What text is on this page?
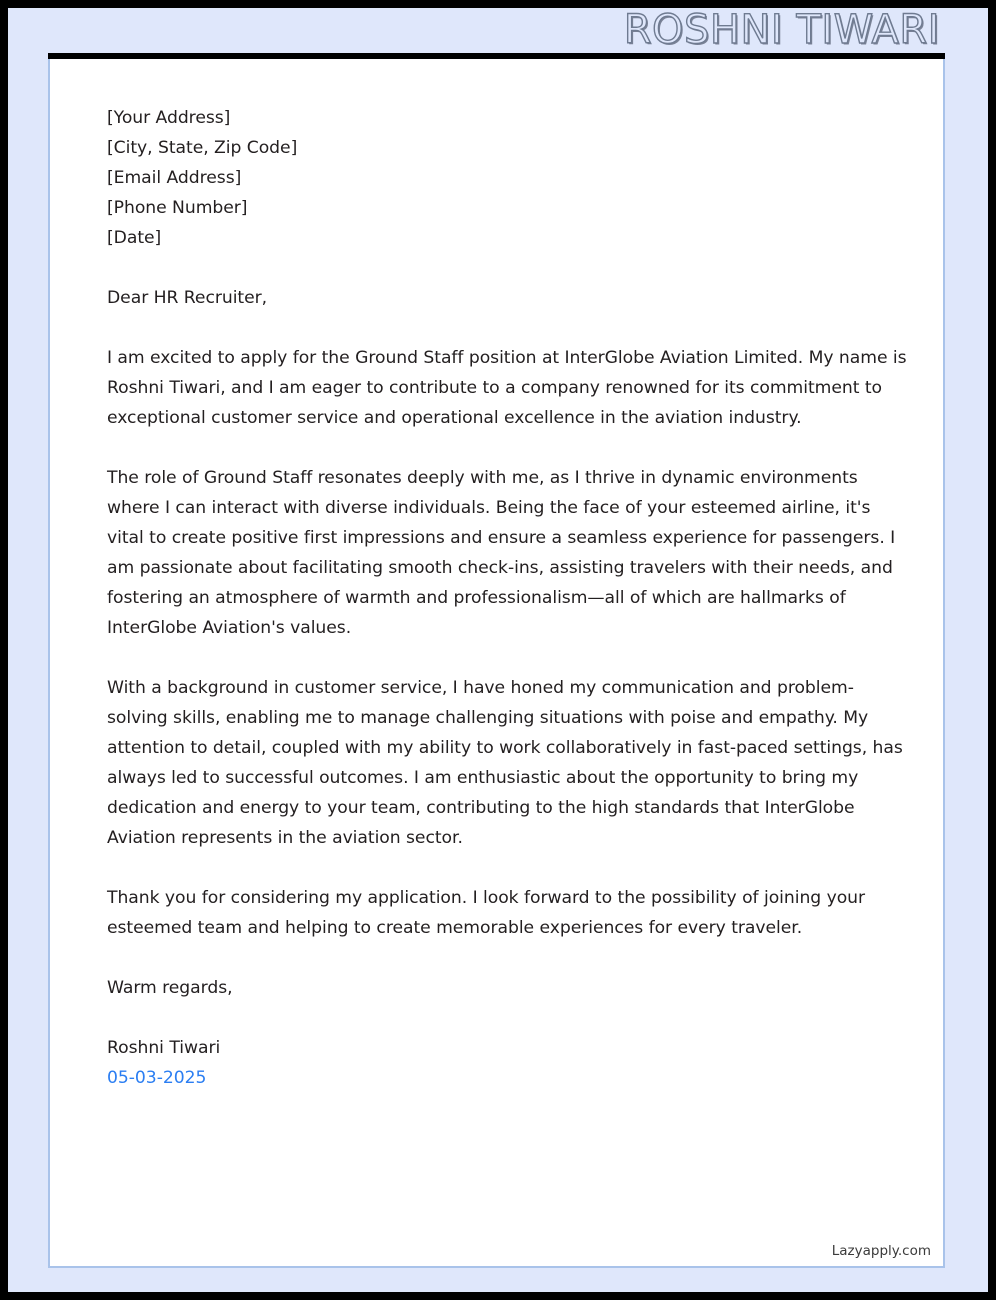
ROSHNI TIWARI
[Your Address]
[City, State, Zip Code]
[Email Address]
[Phone Number]
[Date]
Dear HR Recruiter,

I am excited to apply for the Ground Staff position at InterGlobe Aviation Limited. My name is Roshni Tiwari, and I am eager to contribute to a company renowned for its commitment to exceptional customer service and operational excellence in the aviation industry.

The role of Ground Staff resonates deeply with me, as I thrive in dynamic environments where I can interact with diverse individuals. Being the face of your esteemed airline, it's vital to create positive first impressions and ensure a seamless experience for passengers. I am passionate about facilitating smooth check-ins, assisting travelers with their needs, and fostering an atmosphere of warmth and professionalism—all of which are hallmarks of InterGlobe Aviation's values.

With a background in customer service, I have honed my communication and problem-solving skills, enabling me to manage challenging situations with poise and empathy. My attention to detail, coupled with my ability to work collaboratively in fast-paced settings, has always led to successful outcomes. I am enthusiastic about the opportunity to bring my dedication and energy to your team, contributing to the high standards that InterGlobe Aviation represents in the aviation sector.

Thank you for considering my application. I look forward to the possibility of joining your esteemed team and helping to create memorable experiences for every traveler.

Warm regards,
Roshni Tiwari
05-03-2025
Lazyapply.com
